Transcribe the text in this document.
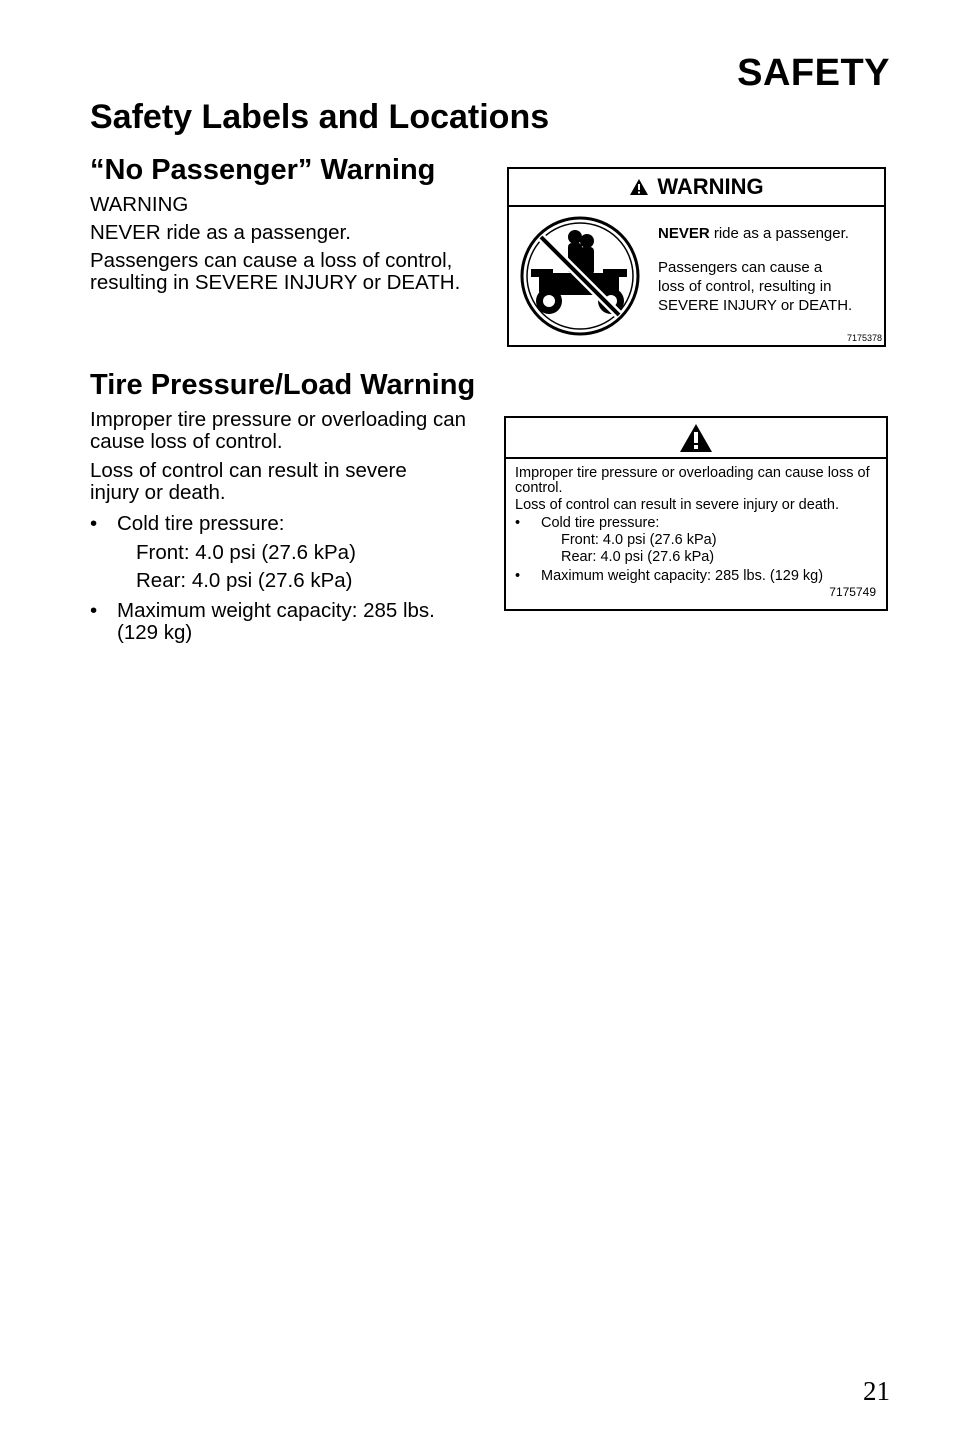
SAFETY
Safety Labels and Locations
“No Passenger” Warning

WARNING

NEVER ride as a passenger.

Passengers can cause a loss of control, resulting in SEVERE INJURY or DEATH.

WARNING

NEVER ride as a passenger.

Passengers can cause a

loss of control, resulting in

SEVERE INJURY or DEATH.

7175378
Tire Pressure/Load Warning

Improper tire pressure or overloading can cause loss of control.

Loss of control can result in severe injury or death.

• Cold tire pressure:

Front: 4.0 psi (27.6 kPa)

Rear: 4.0 psi (27.6 kPa)

• Maximum weight capacity: 285 lbs. (129 kg)

Improper tire pressure or overloading can cause loss of control.

Loss of control can result in severe injury or death.

• Cold tire pressure:

Front: 4.0 psi (27.6 kPa)

Rear: 4.0 psi (27.6 kPa)

• Maximum weight capacity: 285 lbs. (129 kg)

7175749

21
